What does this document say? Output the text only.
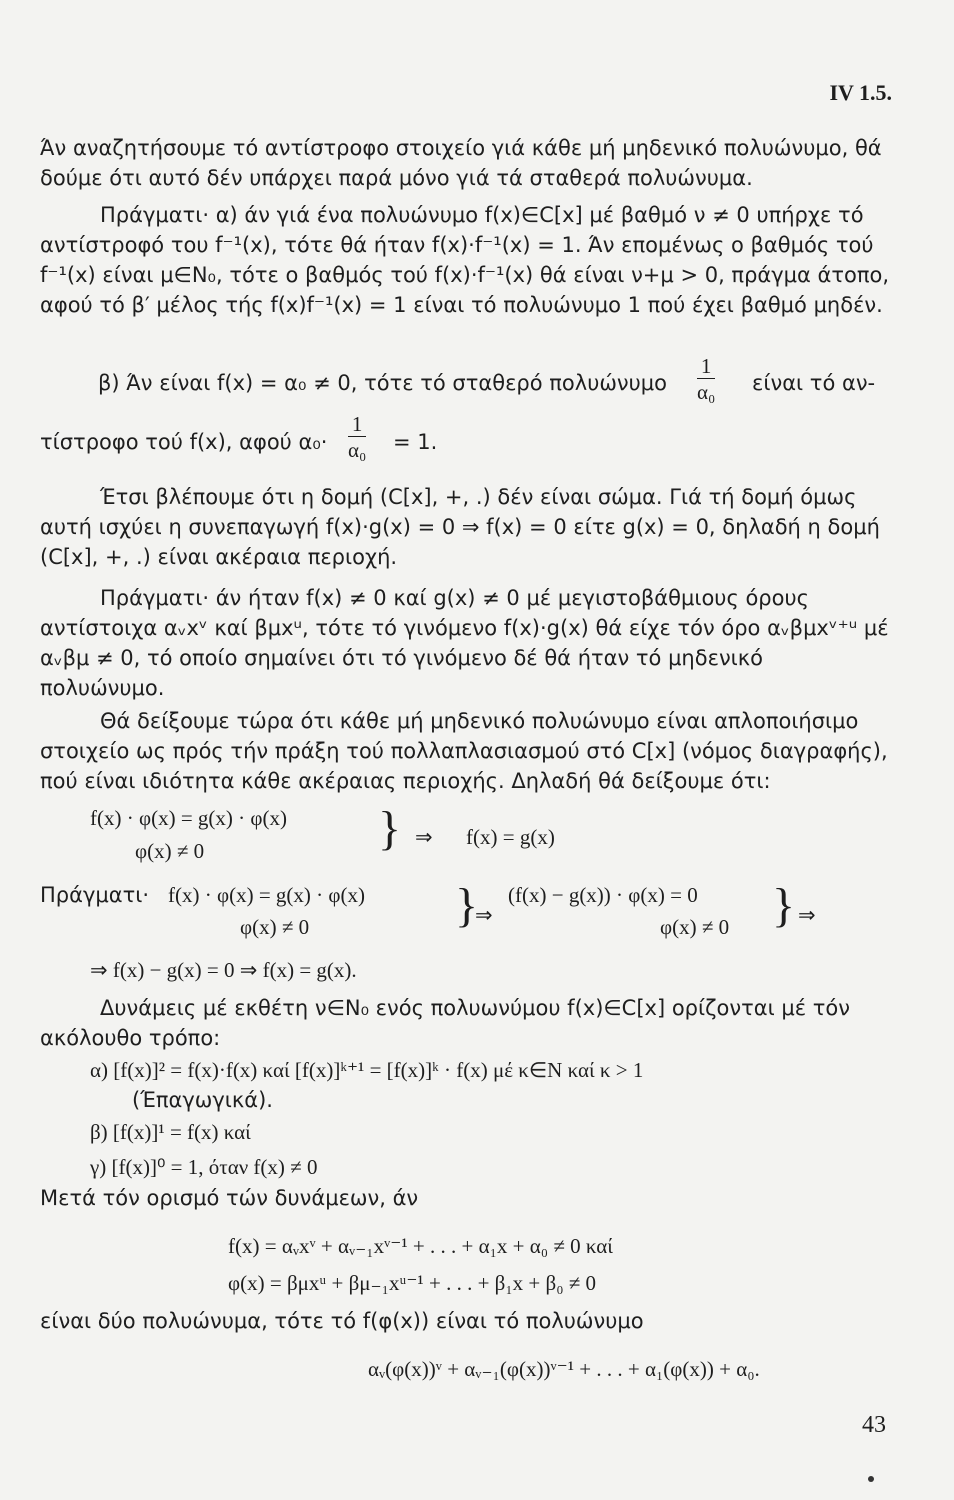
IV 1.5.

Άν αναζητήσουμε τό αντίστροφο στοιχείο γιά κάθε μή μηδενικό πολυώνυμο, θά δούμε ότι αυτό δέν υπάρχει παρά μόνο γιά τά σταθερά πολυώνυμα.

Πράγματι· α) άν γιά ένα πολυώνυμο f(x)∈C[x] μέ βαθμό ν ≠ 0 υπήρχε τό αντίστροφό του f⁻¹(x), τότε θά ήταν f(x)·f⁻¹(x) = 1. Άν επομένως ο βαθμός τού f⁻¹(x) είναι μ∈N₀, τότε ο βαθμός τού f(x)·f⁻¹(x) θά είναι ν+μ > 0, πράγμα άτοπο, αφού τό β′ μέλος τής f(x)f⁻¹(x) = 1 είναι τό πολυώνυμο 1 πού έχει βαθμό μηδέν.

β) Άν είναι f(x) = α₀ ≠ 0, τότε τό σταθερό πολυώνυμο $\frac{1}{\text{α₀}}$ είναι τό αν-
τίστροφο τού f(x), αφού $\alpha_0\cdot \frac{1}{\text{α₀}} = 1$.

Έτσι βλέπουμε ότι η δομή (C[x], +, .) δέν είναι σώμα. Γιά τή δομή όμως αυτή ισχύει η συνεπαγωγή f(x)·g(x) = 0 ⇒ f(x) = 0 είτε g(x) = 0, δηλαδή η δομή (C[x], +, .) είναι ακέραια περιοχή.

Πράγματι· άν ήταν f(x) ≠ 0 καί g(x) ≠ 0 μέ μεγιστοβάθμιους όρους αντίστοιχα αᵥxᵛ καί βμxᵘ, τότε τό γινόμενο f(x)·g(x) θά είχε τόν όρο αᵥβμxᵛ⁺ᵘ μέ αᵥβμ ≠ 0, τό οποίο σημαίνει ότι τό γινόμενο δέ θά ήταν τό μηδενικό πολυώνυμο.

Θά δείξουμε τώρα ότι κάθε μή μηδενικό πολυώνυμο είναι απλοποιήσιμο στοιχείο ως πρός τήν πράξη τού πολλαπλασιασμού στό C[x] (νόμος διαγραφής), πού είναι ιδιότητα κάθε ακέραιας περιοχής. Δηλαδή θά δείξουμε ότι:

f(x) · φ(x) = g(x) · φ(x)
φ(x) ≠ 0	} ⇒ f(x) = g(x)
Πράγματι· f(x) · φ(x) = g(x) · φ(x)
φ(x) ≠ 0	}
⇒
(f(x) − g(x)) · φ(x) = 0
φ(x) ≠ 0 } ⇒
⇒ f(x) − g(x) = 0 ⇒ f(x) = g(x).

Δυνάμεις μέ εκθέτη ν∈N₀ ενός πολυωνύμου f(x)∈C[x] ορίζονται μέ τόν ακόλουθο τρόπο:

α) [f(x)]² = f(x)·f(x) καί [f(x)]ᵏ⁺¹ = [f(x)]ᵏ · f(x) μέ κ∈N καί κ > 1
(Έπαγωγικά).
β) [f(x)]¹ = f(x) καί
γ) [f(x)]⁰ = 1, όταν f(x) ≠ 0
Μετά τόν ορισμό τών δυνάμεων, άν
f(x) = αᵥxᵛ + αᵥ₋₁xᵛ⁻¹ + . . . + α₁x + α₀ ≠ 0 καί
φ(x) = βμxᵘ + βμ₋₁xᵘ⁻¹ + . . . + β₁x + β₀ ≠ 0
είναι δύο πολυώνυμα, τότε τό f(φ(x)) είναι τό πολυώνυμο
αᵥ(φ(x))ᵛ + αᵥ₋₁(φ(x))ᵛ⁻¹ + . . . + α₁(φ(x)) + α₀.
43
